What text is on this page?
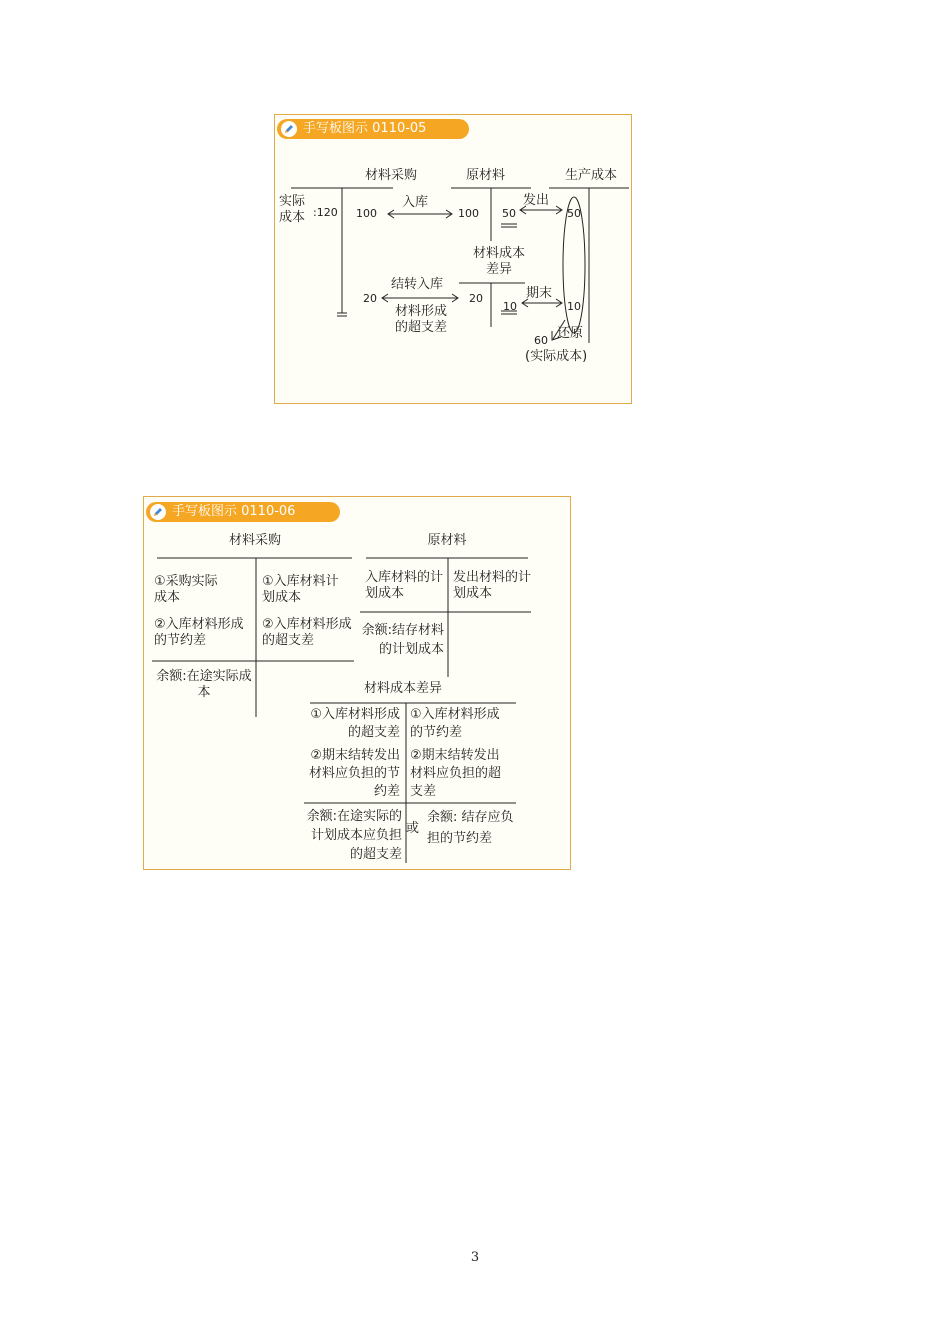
手写板图示 0110-05
材料采购	原材料	生产成本
实际成本 :120 100
入库
100 50
发出
50
材料成本差异
20
结转入库
材料形成的超支差
20
10
期末
10
60 还原
(实际成本)
手写板图示 0110-06
材料采购
①采购实际成本
②入库材料形成的节约差
①入库材料计划成本
②入库材料形成的超支差
余额:在途实际成本
原材料
入库材料的计划成本
发出材料的计划成本
余额:结存材料的计划成本
材料成本差异
①入库材料形成的超支差
②期末结转发出材料应负担的节约差
①入库材料形成的节约差
②期末结转发出材料应负担的超支差
余额:在途实际的计划成本应负担的超支差
或
余额: 结存应负担的节约差
3
